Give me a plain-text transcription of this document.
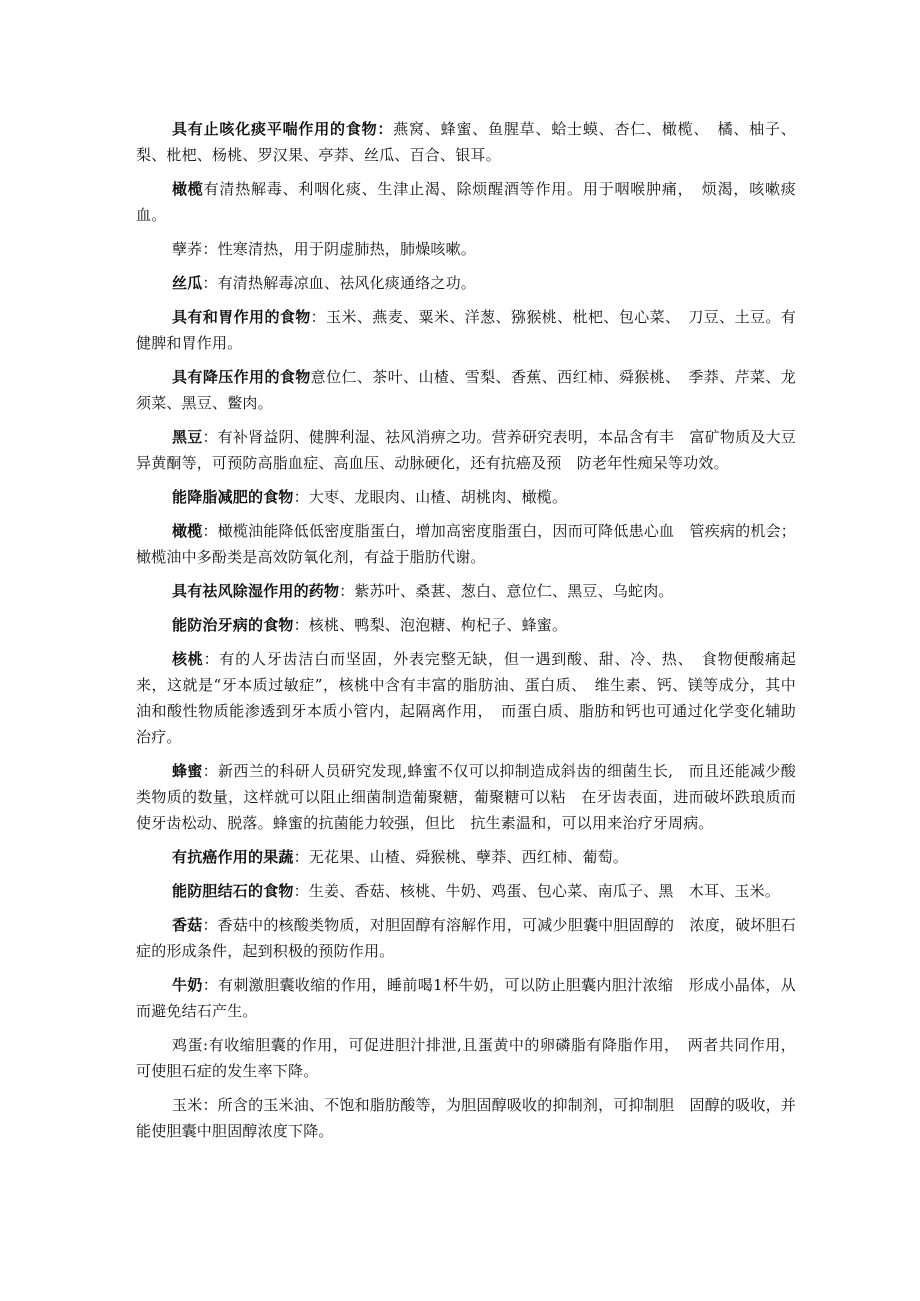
具有止咳化痰平喘作用的食物：燕窝、蜂蜜、鱼腥草、蛤士蟆、杏仁、橄榄、　橘、柚子、梨、枇杷、杨桃、罗汉果、亭莽、丝瓜、百合、银耳。

橄榄有清热解毒、利咽化痰、生津止渴、除烦醒酒等作用。用于咽喉肿痛，　烦渴，咳嗽痰血。

孽荞：性寒清热，用于阴虚肺热，肺燥咳嗽。

丝瓜：有清热解毒凉血、祛风化痰通络之功。

具有和胃作用的食物：玉米、燕麦、粟米、洋葱、猕猴桃、枇杷、包心菜、　刀豆、土豆。有健脾和胃作用。

具有降压作用的食物意位仁、茶叶、山楂、雪梨、香蕉、西红柿、舜猴桃、　季莽、芹菜、龙须菜、黑豆、鳖肉。

黑豆：有补肾益阴、健脾利湿、祛风消痹之功。营养研究表明，本品含有丰　富矿物质及大豆异黄酮等，可预防高脂血症、高血压、动脉硬化，还有抗癌及预　防老年性痴呆等功效。

能降脂减肥的食物：大枣、龙眼肉、山楂、胡桃肉、橄榄。

橄榄：橄榄油能降低低密度脂蛋白，增加高密度脂蛋白，因而可降低患心血　管疾病的机会；橄榄油中多酚类是高效防氧化剂，有益于脂肪代谢。

具有祛风除湿作用的药物：紫苏叶、桑葚、葱白、意位仁、黑豆、乌蛇肉。

能防治牙病的食物：核桃、鸭梨、泡泡糖、枸杞子、蜂蜜。

核桃：有的人牙齿洁白而坚固，外表完整无缺，但一遇到酸、甜、冷、热、　食物便酸痛起来，这就是“牙本质过敏症”，核桃中含有丰富的脂肪油、蛋白质、　维生素、钙、镁等成分，其中油和酸性物质能渗透到牙本质小管内，起隔离作用，　而蛋白质、脂肪和钙也可通过化学变化辅助治疗。

蜂蜜：新西兰的科研人员研究发现,蜂蜜不仅可以抑制造成斜齿的细菌生长,　而且还能减少酸类物质的数量，这样就可以阻止细菌制造葡聚糖，葡聚糖可以粘　在牙齿表面，进而破坏跌琅质而使牙齿松动、脱落。蜂蜜的抗菌能力较强，但比　抗生素温和，可以用来治疗牙周病。

有抗癌作用的果蔬：无花果、山楂、舜猴桃、孽莽、西红柿、葡萄。

能防胆结石的食物：生姜、香菇、核桃、牛奶、鸡蛋、包心菜、南瓜子、黑　木耳、玉米。

香菇：香菇中的核酸类物质，对胆固醇有溶解作用，可减少胆囊中胆固醇的　浓度，破坏胆石症的形成条件，起到积极的预防作用。

牛奶：有刺激胆囊收缩的作用，睡前喝1杯牛奶，可以防止胆囊内胆汁浓缩　形成小晶体，从而避免结石产生。

鸡蛋:有收缩胆囊的作用，可促进胆汁排泄,且蛋黄中的卵磷脂有降脂作用，　两者共同作用，可使胆石症的发生率下降。

玉米：所含的玉米油、不饱和脂肪酸等，为胆固醇吸收的抑制剂，可抑制胆　固醇的吸收，并能使胆囊中胆固醇浓度下降。
